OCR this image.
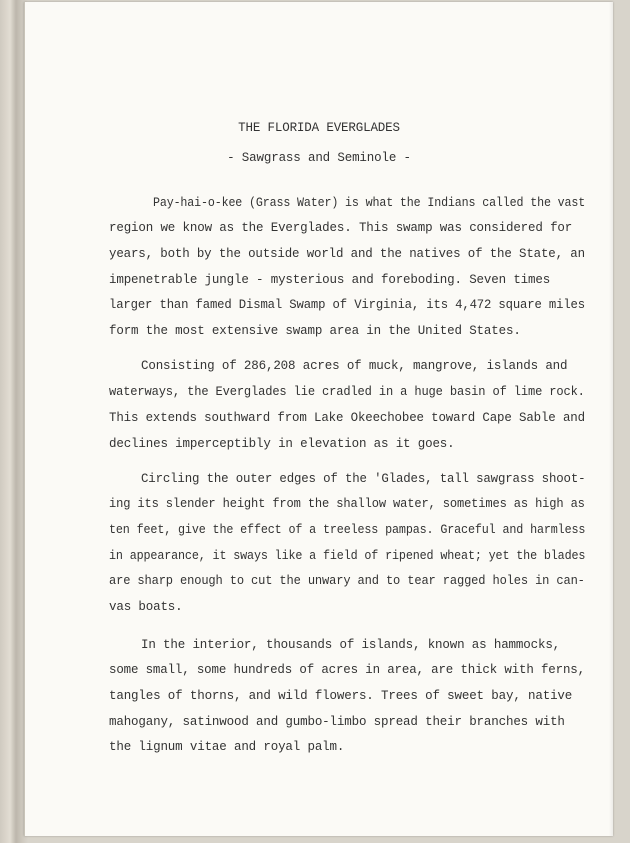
THE FLORIDA EVERGLADES
- Sawgrass and Seminole -
Pay-hai-o-kee (Grass Water) is what the Indians called the vast
region we know as the Everglades. This swamp was considered for
years, both by the outside world and the natives of the State, an
impenetrable jungle - mysterious and foreboding. Seven times
larger than famed Dismal Swamp of Virginia, its 4,472 square miles
form the most extensive swamp area in the United States.
Consisting of 286,208 acres of muck, mangrove, islands and
waterways, the Everglades lie cradled in a huge basin of lime rock.
This extends southward from Lake Okeechobee toward Cape Sable and
declines imperceptibly in elevation as it goes.
Circling the outer edges of the 'Glades, tall sawgrass shoot-
ing its slender height from the shallow water, sometimes as high as
ten feet, give the effect of a treeless pampas. Graceful and harmless
in appearance, it sways like a field of ripened wheat; yet the blades
are sharp enough to cut the unwary and to tear ragged holes in can-
vas boats.
In the interior, thousands of islands, known as hammocks,
some small, some hundreds of acres in area, are thick with ferns,
tangles of thorns, and wild flowers. Trees of sweet bay, native
mahogany, satinwood and gumbo-limbo spread their branches with
the lignum vitae and royal palm.
